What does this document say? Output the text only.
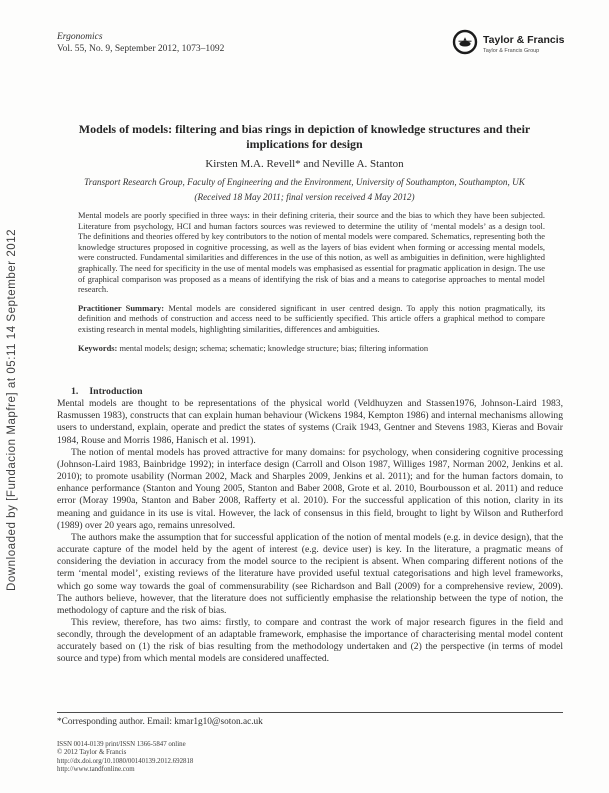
Downloaded by [Fundacion Mapfre] at 05:11 14 September 2012
Ergonomics
Vol. 55, No. 9, September 2012, 1073–1092
Taylor & Francis
Taylor & Francis Group
Models of models: filtering and bias rings in depiction of knowledge structures and their implications for design
Kirsten M.A. Revell* and Neville A. Stanton
Transport Research Group, Faculty of Engineering and the Environment, University of Southampton, Southampton, UK
(Received 18 May 2011; final version received 4 May 2012)

Mental models are poorly specified in three ways: in their defining criteria, their source and the bias to which they have been subjected. Literature from psychology, HCI and human factors sources was reviewed to determine the utility of ‘mental models’ as a design tool. The definitions and theories offered by key contributors to the notion of mental models were compared. Schematics, representing both the knowledge structures proposed in cognitive processing, as well as the layers of bias evident when forming or accessing mental models, were constructed. Fundamental similarities and differences in the use of this notion, as well as ambiguities in definition, were highlighted graphically. The need for specificity in the use of mental models was emphasised as essential for pragmatic application in design. The use of graphical comparison was proposed as a means of identifying the risk of bias and a means to categorise approaches to mental model research.

Practitioner Summary: Mental models are considered significant in user centred design. To apply this notion pragmatically, its definition and methods of construction and access need to be sufficiently specified. This article offers a graphical method to compare existing research in mental models, highlighting similarities, differences and ambiguities.

Keywords: mental models; design; schema; schematic; knowledge structure; bias; filtering information

1. Introduction

Mental models are thought to be representations of the physical world (Veldhuyzen and Stassen1976, Johnson-Laird 1983, Rasmussen 1983), constructs that can explain human behaviour (Wickens 1984, Kempton 1986) and internal mechanisms allowing users to understand, explain, operate and predict the states of systems (Craik 1943, Gentner and Stevens 1983, Kieras and Bovair 1984, Rouse and Morris 1986, Hanisch et al. 1991).

The notion of mental models has proved attractive for many domains: for psychology, when considering cognitive processing (Johnson-Laird 1983, Bainbridge 1992); in interface design (Carroll and Olson 1987, Williges 1987, Norman 2002, Jenkins et al. 2010); to promote usability (Norman 2002, Mack and Sharples 2009, Jenkins et al. 2011); and for the human factors domain, to enhance performance (Stanton and Young 2005, Stanton and Baber 2008, Grote et al. 2010, Bourbousson et al. 2011) and reduce error (Moray 1990a, Stanton and Baber 2008, Rafferty et al. 2010). For the successful application of this notion, clarity in its meaning and guidance in its use is vital. However, the lack of consensus in this field, brought to light by Wilson and Rutherford (1989) over 20 years ago, remains unresolved.

The authors make the assumption that for successful application of the notion of mental models (e.g. in device design), that the accurate capture of the model held by the agent of interest (e.g. device user) is key. In the literature, a pragmatic means of considering the deviation in accuracy from the model source to the recipient is absent. When comparing different notions of the term ‘mental model’, existing reviews of the literature have provided useful textual categorisations and high level frameworks, which go some way towards the goal of commensurability (see Richardson and Ball (2009) for a comprehensive review, 2009). The authors believe, however, that the literature does not sufficiently emphasise the relationship between the type of notion, the methodology of capture and the risk of bias.

This review, therefore, has two aims: firstly, to compare and contrast the work of major research figures in the field and secondly, through the development of an adaptable framework, emphasise the importance of characterising mental model content accurately based on (1) the risk of bias resulting from the methodology undertaken and (2) the perspective (in terms of model source and type) from which mental models are considered unaffected.

*Corresponding author. Email: kmar1g10@soton.ac.uk
ISSN 0014-0139 print/ISSN 1366-5847 online
© 2012 Taylor & Francis
http://dx.doi.org/10.1080/00140139.2012.692818
http://www.tandfonline.com
